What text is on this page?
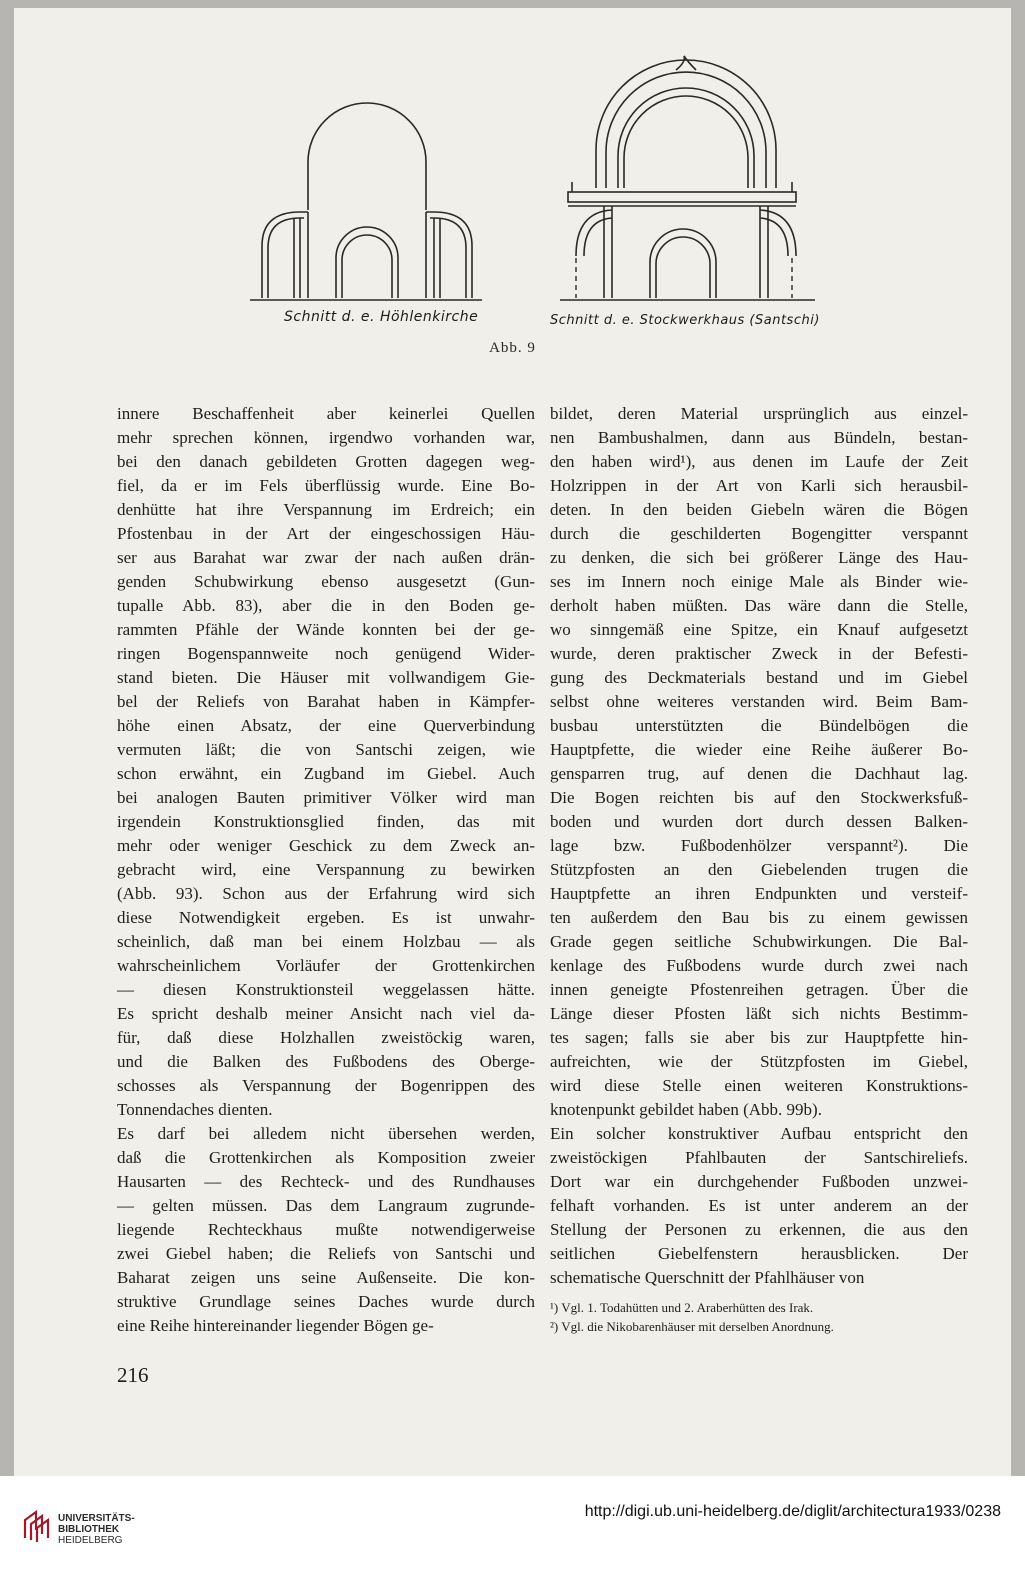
Schnitt d. e. Höhlenkirche	Schnitt d. e. Stockwerkhaus (Santschi)
Abb. 9
innere Beschaffenheit aber keinerlei Quellen
mehr sprechen können, irgendwo vorhanden war,
bei den danach gebildeten Grotten dagegen weg-
fiel, da er im Fels überflüssig wurde. Eine Bo-
denhütte hat ihre Verspannung im Erdreich; ein
Pfostenbau in der Art der eingeschossigen Häu-
ser aus Barahat war zwar der nach außen drän-
genden Schubwirkung ebenso ausgesetzt (Gun-
tupalle Abb. 83), aber die in den Boden ge-
rammten Pfähle der Wände konnten bei der ge-
ringen Bogenspannweite noch genügend Wider-
stand bieten. Die Häuser mit vollwandigem Gie-
bel der Reliefs von Barahat haben in Kämpfer-
höhe einen Absatz, der eine Querverbindung
vermuten läßt; die von Santschi zeigen, wie
schon erwähnt, ein Zugband im Giebel. Auch
bei analogen Bauten primitiver Völker wird man
irgendein Konstruktionsglied finden, das mit
mehr oder weniger Geschick zu dem Zweck an-
gebracht wird, eine Verspannung zu bewirken
(Abb. 93). Schon aus der Erfahrung wird sich
diese Notwendigkeit ergeben. Es ist unwahr-
scheinlich, daß man bei einem Holzbau — als
wahrscheinlichem Vorläufer der Grottenkirchen
— diesen Konstruktionsteil weggelassen hätte.
Es spricht deshalb meiner Ansicht nach viel da-
für, daß diese Holzhallen zweistöckig waren,
und die Balken des Fußbodens des Oberge-
schosses als Verspannung der Bogenrippen des
Tonnendaches dienten.
Es darf bei alledem nicht übersehen werden,
daß die Grottenkirchen als Komposition zweier
Hausarten — des Rechteck- und des Rundhauses
— gelten müssen. Das dem Langraum zugrunde-
liegende Rechteckhaus mußte notwendigerweise
zwei Giebel haben; die Reliefs von Santschi und
Baharat zeigen uns seine Außenseite. Die kon-
struktive Grundlage seines Daches wurde durch
eine Reihe hintereinander liegender Bögen ge-
bildet, deren Material ursprünglich aus einzel-
nen Bambushalmen, dann aus Bündeln, bestan-
den haben wird¹), aus denen im Laufe der Zeit
Holzrippen in der Art von Karli sich herausbil-
deten. In den beiden Giebeln wären die Bögen
durch die geschilderten Bogengitter verspannt
zu denken, die sich bei größerer Länge des Hau-
ses im Innern noch einige Male als Binder wie-
derholt haben müßten. Das wäre dann die Stelle,
wo sinngemäß eine Spitze, ein Knauf aufgesetzt
wurde, deren praktischer Zweck in der Befesti-
gung des Deckmaterials bestand und im Giebel
selbst ohne weiteres verstanden wird. Beim Bam-
busbau unterstützten die Bündelbögen die
Hauptpfette, die wieder eine Reihe äußerer Bo-
gensparren trug, auf denen die Dachhaut lag.
Die Bogen reichten bis auf den Stockwerksfuß-
boden und wurden dort durch dessen Balken-
lage bzw. Fußbodenhölzer verspannt²). Die
Stützpfosten an den Giebelenden trugen die
Hauptpfette an ihren Endpunkten und versteif-
ten außerdem den Bau bis zu einem gewissen
Grade gegen seitliche Schubwirkungen. Die Bal-
kenlage des Fußbodens wurde durch zwei nach
innen geneigte Pfostenreihen getragen. Über die
Länge dieser Pfosten läßt sich nichts Bestimm-
tes sagen; falls sie aber bis zur Hauptpfette hin-
aufreichten, wie der Stützpfosten im Giebel,
wird diese Stelle einen weiteren Konstruktions-
knotenpunkt gebildet haben (Abb. 99b).
Ein solcher konstruktiver Aufbau entspricht den
zweistöckigen Pfahlbauten der Santschireliefs.
Dort war ein durchgehender Fußboden unzwei-
felhaft vorhanden. Es ist unter anderem an der
Stellung der Personen zu erkennen, die aus den
seitlichen Giebelfenstern herausblicken. Der
schematische Querschnitt der Pfahlhäuser von
¹) Vgl. 1. Todahütten und 2. Araberhütten des Irak.
²) Vgl. die Nikobarenhäuser mit derselben Anordnung.
216
UNIVERSITÄTS-
BIBLIOTHEK
HEIDELBERG
http://digi.ub.uni-heidelberg.de/diglit/architectura1933/0238
